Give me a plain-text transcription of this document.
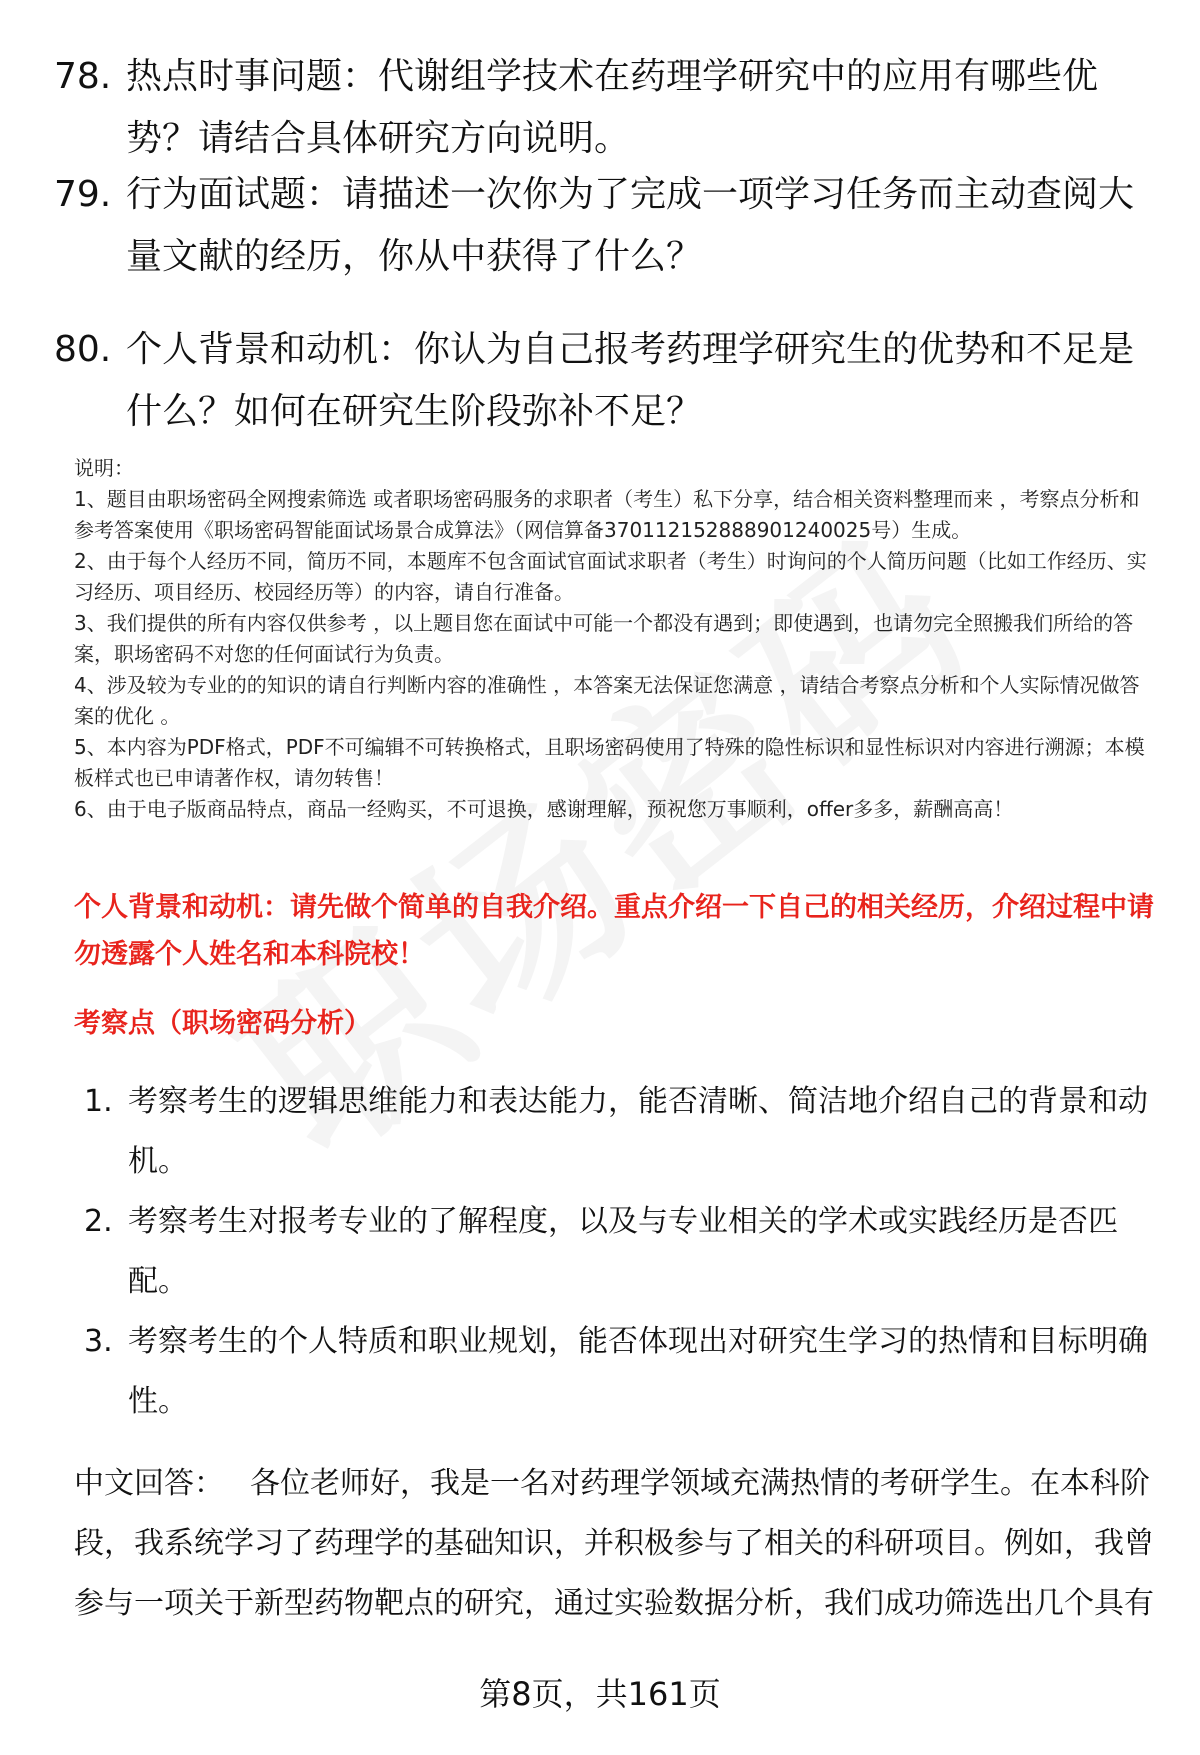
78. 热点时事问题：代谢组学技术在药理学研究中的应用有哪些优势？请结合具体研究方向说明。
79. 行为面试题：请描述一次你为了完成一项学习任务而主动查阅大量文献的经历，你从中获得了什么？
80. 个人背景和动机：你认为自己报考药理学研究生的优势和不足是什么？如何在研究生阶段弥补不足？
说明：
1、题目由职场密码全网搜索筛选 或者职场密码服务的求职者（考生）私下分享，结合相关资料整理而来 ，考察点分析和参考答案使用《职场密码智能面试场景合成算法》（网信算备370112152888901240025号）生成。
2、由于每个人经历不同，简历不同，本题库不包含面试官面试求职者（考生）时询问的个人简历问题（比如工作经历、实习经历、项目经历、校园经历等）的内容，请自行准备。
3、我们提供的所有内容仅供参考 ，以上题目您在面试中可能一个都没有遇到；即使遇到，也请勿完全照搬我们所给的答案，职场密码不对您的任何面试行为负责。
4、涉及较为专业的的知识的请自行判断内容的准确性 ，本答案无法保证您满意 ，请结合考察点分析和个人实际情况做答案的优化 。
5、本内容为PDF格式，PDF不可编辑不可转换格式，且职场密码使用了特殊的隐性标识和显性标识对内容进行溯源；本模板样式也已申请著作权，请勿转售！
6、由于电子版商品特点，商品一经购买，不可退换，感谢理解，预祝您万事顺利，offer多多，薪酬高高！
个人背景和动机：请先做个简单的自我介绍。重点介绍一下自己的相关经历，介绍过程中请勿透露个人姓名和本科院校！
考察点（职场密码分析）
1. 考察考生的逻辑思维能力和表达能力，能否清晰、简洁地介绍自己的背景和动机。
2. 考察考生对报考专业的了解程度，以及与专业相关的学术或实践经历是否匹配。
3. 考察考生的个人特质和职业规划，能否体现出对研究生学习的热情和目标明确性。
中文回答： 各位老师好，我是一名对药理学领域充满热情的考研学生。在本科阶段，我系统学习了药理学的基础知识，并积极参与了相关的科研项目。例如，我曾参与一项关于新型药物靶点的研究，通过实验数据分析，我们成功筛选出几个具有
第8页，共161页
